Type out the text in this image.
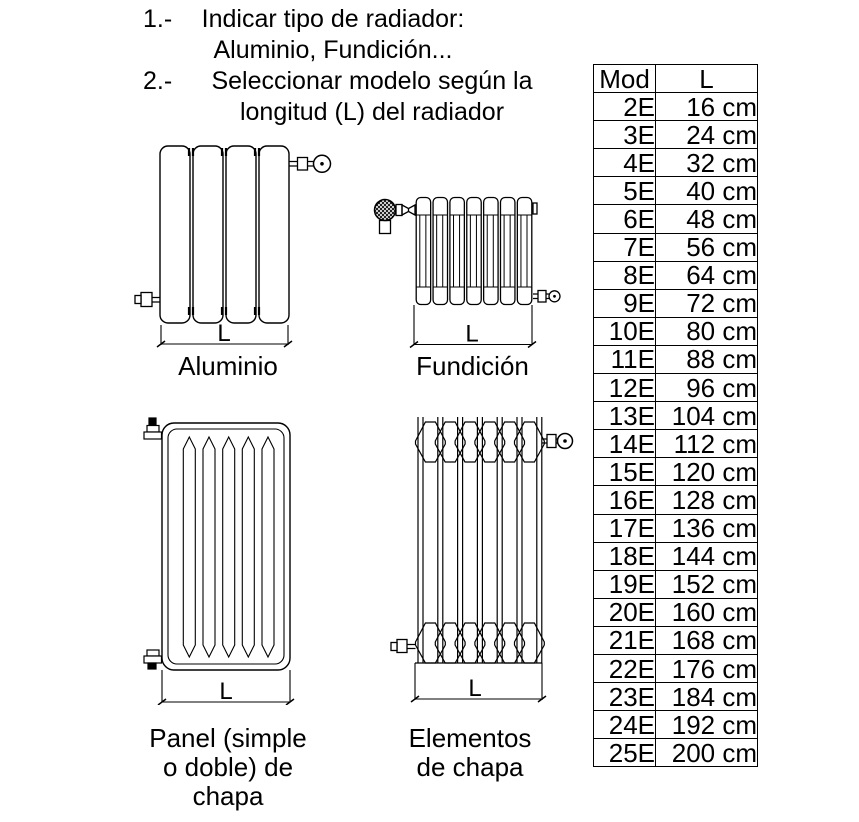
1.- Indicar tipo de radiador:
Aluminio, Fundición...
2.-	Seleccionar modelo según la
longitud (L) del radiador
L
Aluminio
L
Fundición
L
Panel (simple
o doble) de
chapa
L
Elementos
de chapa
Mod	L
2E	16 cm
3E	24 cm
4E	32 cm
5E	40 cm
6E	48 cm
7E	56 cm
8E	64 cm
9E	72 cm
10E	80 cm
11E	88 cm
12E	96 cm
13E	104 cm
14E	112 cm
15E	120 cm
16E	128 cm
17E	136 cm
18E	144 cm
19E	152 cm
20E	160 cm
21E	168 cm
22E	176 cm
23E	184 cm
24E	192 cm
25E	200 cm
